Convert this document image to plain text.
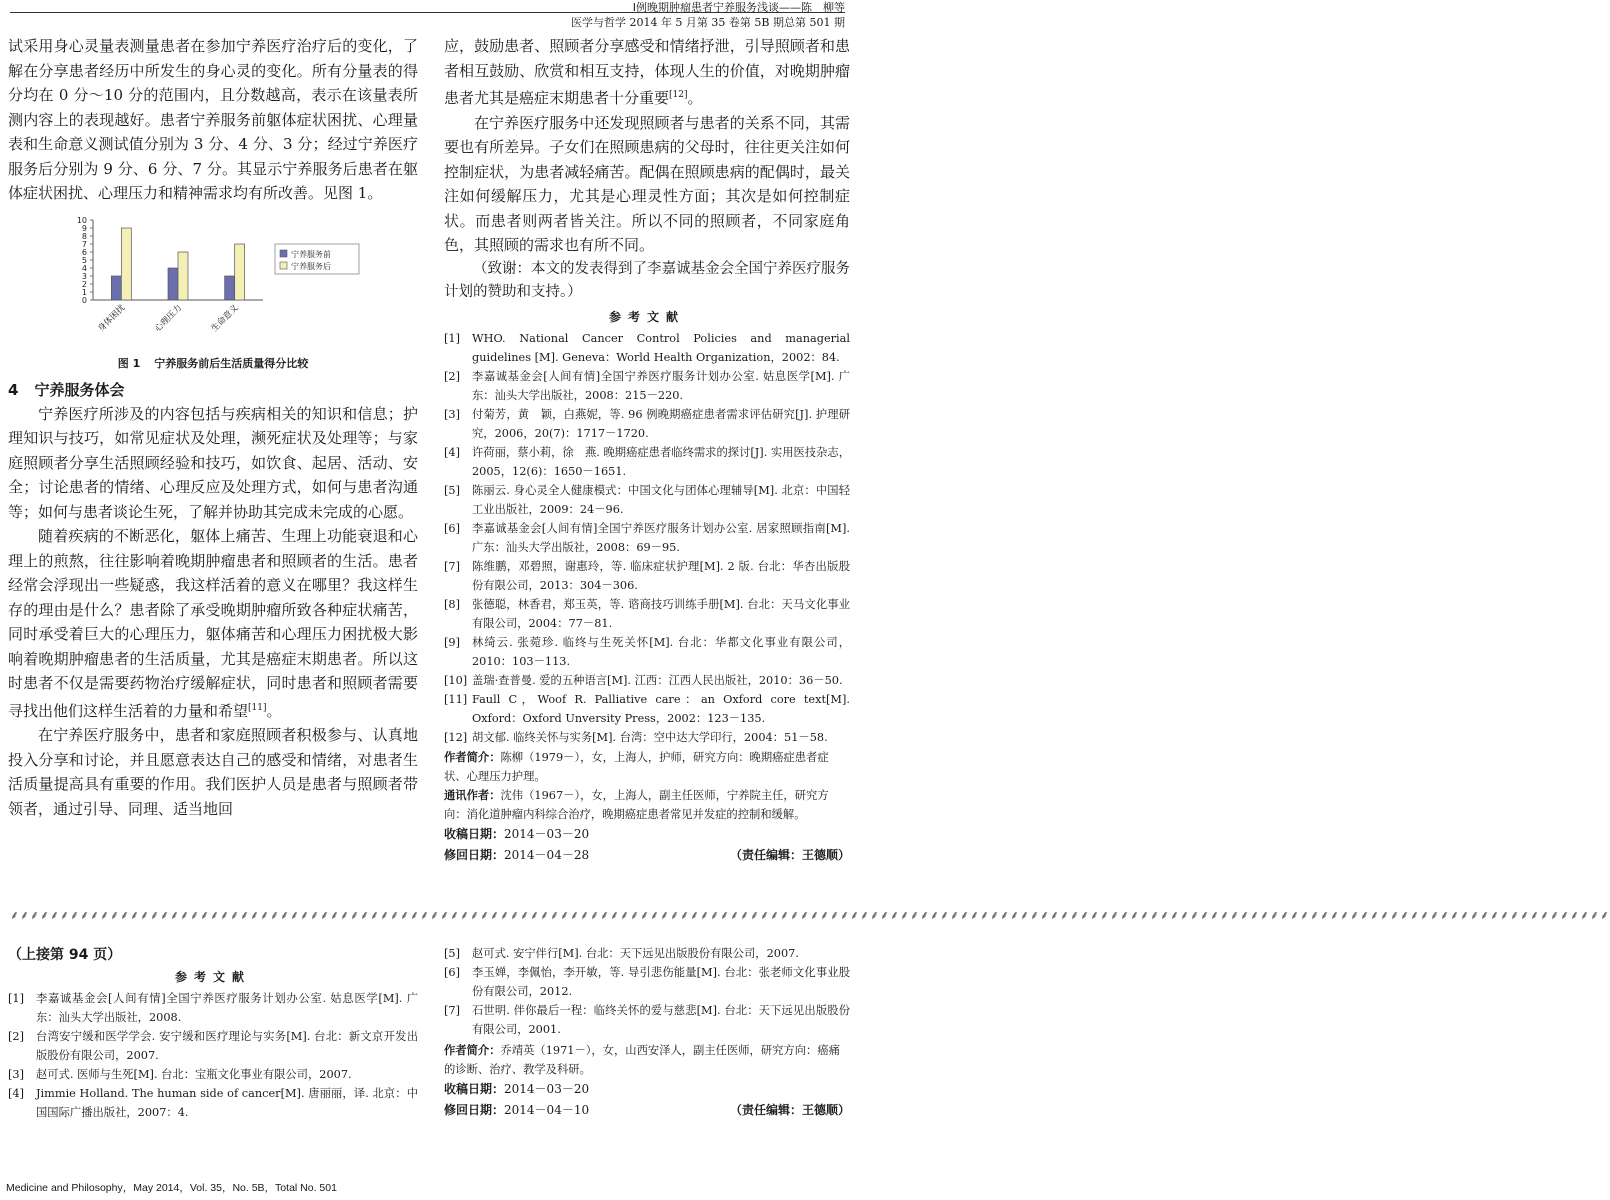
Ⅰ例晚期肿瘤患者宁养服务浅谈——陈　柳等
医学与哲学 2014 年 5 月第 35 卷第 5B 期总第 501 期

试采用身心灵量表测量患者在参加宁养医疗治疗后的变化，了解在分享患者经历中所发生的身心灵的变化。所有分量表的得分均在 0 分～10 分的范围内，且分数越高，表示在该量表所测内容上的表现越好。患者宁养服务前躯体症状困扰、心理量表和生命意义测试值分别为 3 分、4 分、3 分；经过宁养医疗服务后分别为 9 分、6 分、7 分。其显示宁养服务后患者在躯体症状困扰、心理压力和精神需求均有所改善。见图 1。

0
1
2
3
4
5
6
7
8
9
10
身体困扰	心理压力	生命意义
宁养服务前
宁养服务后
图 1 宁养服务前后生活质量得分比较
4 宁养服务体会

宁养医疗所涉及的内容包括与疾病相关的知识和信息；护理知识与技巧，如常见症状及处理，濒死症状及处理等；与家庭照顾者分享生活照顾经验和技巧，如饮食、起居、活动、安全；讨论患者的情绪、心理反应及处理方式，如何与患者沟通等；如何与患者谈论生死，了解并协助其完成未完成的心愿。

随着疾病的不断恶化，躯体上痛苦、生理上功能衰退和心理上的煎熬，往往影响着晚期肿瘤患者和照顾者的生活。患者经常会浮现出一些疑惑，我这样活着的意义在哪里？我这样生存的理由是什么？患者除了承受晚期肿瘤所致各种症状痛苦，同时承受着巨大的心理压力，躯体痛苦和心理压力困扰极大影响着晚期肿瘤患者的生活质量，尤其是癌症末期患者。所以这时患者不仅是需要药物治疗缓解症状，同时患者和照顾者需要寻找出他们这样生活着的力量和希望[11]。

在宁养医疗服务中，患者和家庭照顾者积极参与、认真地投入分享和讨论，并且愿意表达自己的感受和情绪，对患者生活质量提高具有重要的作用。我们医护人员是患者与照顾者带领者，通过引导、同理、适当地回

应，鼓励患者、照顾者分享感受和情绪抒泄，引导照顾者和患者相互鼓励、欣赏和相互支持，体现人生的价值，对晚期肿瘤患者尤其是癌症末期患者十分重要[12]。

在宁养医疗服务中还发现照顾者与患者的关系不同，其需要也有所差异。子女们在照顾患病的父母时，往往更关注如何控制症状，为患者减轻痛苦。配偶在照顾患病的配偶时，最关注如何缓解压力，尤其是心理灵性方面；其次是如何控制症状。而患者则两者皆关注。所以不同的照顾者，不同家庭角色，其照顾的需求也有所不同。

（致谢：本文的发表得到了李嘉诚基金会全国宁养医疗服务计划的赞助和支持。）

参考文献
[1]	WHO. National Cancer Control Policies and managerial guidelines [M]. Geneva：World Health Organization，2002：84.
[2]	李嘉诚基金会[人间有情]全国宁养医疗服务计划办公室. 姑息医学[M]. 广东：汕头大学出版社，2008：215－220.
[3]	付菊芳，黄　颖，白燕妮，等. 96 例晚期癌症患者需求评估研究[J]. 护理研究，2006，20(7)：1717－1720.
[4]	许荷丽，蔡小莉，徐　燕. 晚期癌症患者临终需求的探讨[J]. 实用医技杂志，2005，12(6)：1650－1651.
[5]	陈丽云. 身心灵全人健康模式：中国文化与团体心理辅导[M]. 北京：中国轻工业出版社，2009：24－96.
[6]	李嘉诚基金会[人间有情]全国宁养医疗服务计划办公室. 居家照顾指南[M]. 广东：汕头大学出版社，2008：69－95.
[7]	陈维鹏，邓碧照，谢惠玲，等. 临床症状护理[M]. 2 版. 台北：华杏出版股份有限公司，2013：304－306.
[8]	张德聪，林香君，郑玉英，等. 谘商技巧训练手册[M]. 台北：天马文化事业有限公司，2004：77－81.
[9]	林绮云. 张菀珍. 临终与生死关怀[M]. 台北：华都文化事业有限公司，2010：103－113.
[10] 盖瑞·查普曼. 爱的五种语言[M]. 江西：江西人民出版社，2010：36－50.
[11] Faull C，Woof R. Palliative care：an Oxford core text[M]. Oxford：Oxford Unversity Press，2002：123－135.
[12] 胡文郁. 临终关怀与实务[M]. 台湾：空中达大学印行，2004：51－58.
作者简介：陈柳（1979－），女，上海人，护师，研究方向：晚期癌症患者症状、心理压力护理。
通讯作者：沈伟（1967－），女，上海人，副主任医师，宁养院主任，研究方向：消化道肿瘤内科综合治疗，晚期癌症患者常见并发症的控制和缓解。
收稿日期：2014－03－20
修回日期：2014－04－28	（责任编辑：王德顺）
⸙⸙⸙⸙⸙⸙⸙⸙⸙⸙⸙⸙⸙⸙⸙⸙⸙⸙⸙⸙⸙⸙⸙⸙⸙⸙⸙⸙⸙⸙⸙⸙⸙⸙⸙⸙⸙⸙⸙⸙⸙⸙⸙⸙⸙⸙⸙⸙⸙⸙⸙⸙⸙⸙⸙⸙⸙⸙⸙⸙⸙⸙⸙⸙⸙⸙⸙⸙⸙⸙⸙⸙⸙⸙⸙⸙⸙⸙⸙⸙⸙⸙⸙⸙⸙⸙⸙⸙⸙⸙⸙⸙⸙⸙⸙⸙⸙⸙⸙⸙⸙⸙⸙⸙⸙⸙⸙⸙⸙⸙⸙⸙⸙⸙⸙⸙⸙⸙⸙⸙⸙⸙⸙⸙⸙⸙⸙⸙⸙⸙⸙⸙⸙⸙⸙⸙⸙⸙⸙⸙⸙⸙⸙⸙⸙⸙⸙⸙⸙⸙⸙⸙⸙⸙⸙⸙⸙⸙⸙⸙
（上接第 94 页）
参考文献
[1]	李嘉诚基金会[人间有情]全国宁养医疗服务计划办公室. 姑息医学[M]. 广东：汕头大学出版社，2008.
[2]	台湾安宁缓和医学学会. 安宁缓和医疗理论与实务[M]. 台北：新文京开发出版股份有限公司，2007.
[3]	赵可式. 医师与生死[M]. 台北：宝瓶文化事业有限公司，2007.
[4]	Jimmie Holland. The human side of cancer[M]. 唐丽丽，译. 北京：中国国际广播出版社，2007：4.
[5]	赵可式. 安宁伴行[M]. 台北：天下远见出版股份有限公司，2007.
[6]	李玉婵，李佩怡，李开敏，等. 导引悲伤能量[M]. 台北：张老师文化事业股份有限公司，2012.
[7]	石世明. 伴你最后一程：临终关怀的爱与慈悲[M]. 台北：天下远见出版股份有限公司，2001.
作者简介：乔靖英（1971－），女，山西安泽人，副主任医师，研究方向：癌痛的诊断、治疗、教学及科研。
收稿日期：2014－03－20
修回日期：2014－04－10	（责任编辑：王德顺）
Medicine and Philosophy，May 2014，Vol. 35，No. 5B，Total No. 501
